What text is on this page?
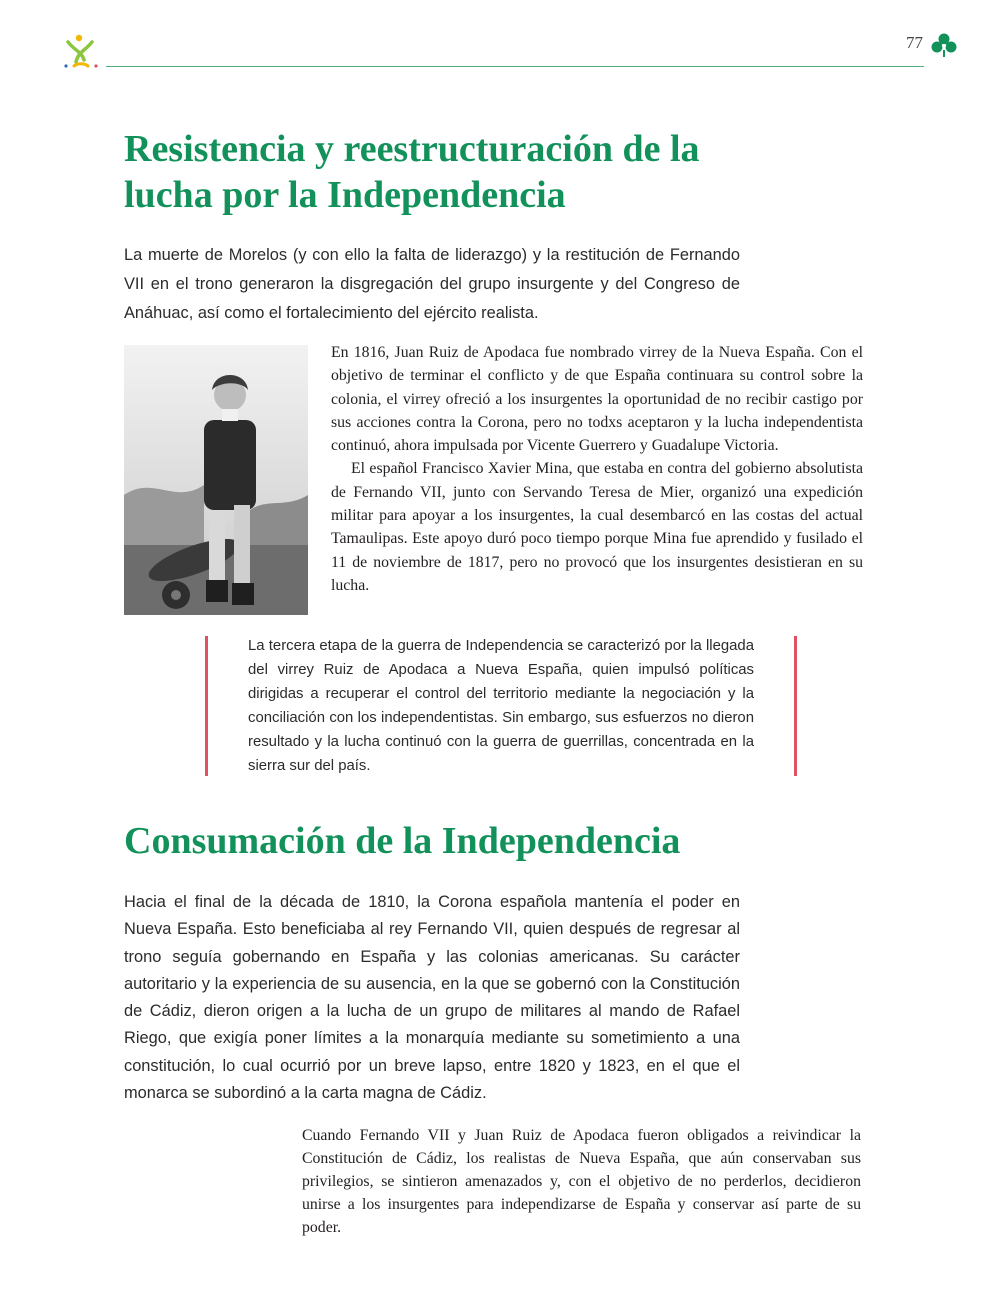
77
Resistencia y reestructuración de la lucha por la Independencia

La muerte de Morelos (y con ello la falta de liderazgo) y la restitución de Fernando VII en el trono generaron la disgregación del grupo insurgente y del Congreso de Anáhuac, así como el fortalecimiento del ejército realista.

En 1816, Juan Ruiz de Apodaca fue nombrado virrey de la Nueva España. Con el objetivo de terminar el conflicto y de que España continuara su control sobre la colonia, el virrey ofreció a los insurgentes la oportunidad de no recibir castigo por sus acciones contra la Corona, pero no todxs aceptaron y la lucha independentista continuó, ahora impulsada por Vicente Guerrero y Guadalupe Victoria.

El español Francisco Xavier Mina, que estaba en contra del gobierno absolutista de Fernando VII, junto con Servando Teresa de Mier, organizó una expedición militar para apoyar a los insurgentes, la cual desembarcó en las costas del actual Tamaulipas. Este apoyo duró poco tiempo porque Mina fue aprendido y fusilado el 11 de noviembre de 1817, pero no provocó que los insurgentes desistieran en su lucha.

La tercera etapa de la guerra de Independencia se caracterizó por la llegada del virrey Ruiz de Apodaca a Nueva España, quien impulsó políticas dirigidas a recuperar el control del territorio mediante la negociación y la conciliación con los independentistas. Sin embargo, sus esfuerzos no dieron resultado y la lucha continuó con la guerra de guerrillas, concentrada en la sierra sur del país.

Consumación de la Independencia

Hacia el final de la década de 1810, la Corona española mantenía el poder en Nueva España. Esto beneficiaba al rey Fernando VII, quien después de regresar al trono seguía gobernando en España y las colonias americanas. Su carácter autoritario y la experiencia de su ausencia, en la que se gobernó con la Constitución de Cádiz, dieron origen a la lucha de un grupo de militares al mando de Rafael Riego, que exigía poner límites a la monarquía mediante su sometimiento a una constitución, lo cual ocurrió por un breve lapso, entre 1820 y 1823, en el que el monarca se subordinó a la carta magna de Cádiz.

Cuando Fernando VII y Juan Ruiz de Apodaca fueron obligados a reivindicar la Constitución de Cádiz, los realistas de Nueva España, que aún conservaban sus privilegios, se sintieron amenazados y, con el objetivo de no perderlos, decidieron unirse a los insurgentes para independizarse de España y conservar así parte de su poder.
